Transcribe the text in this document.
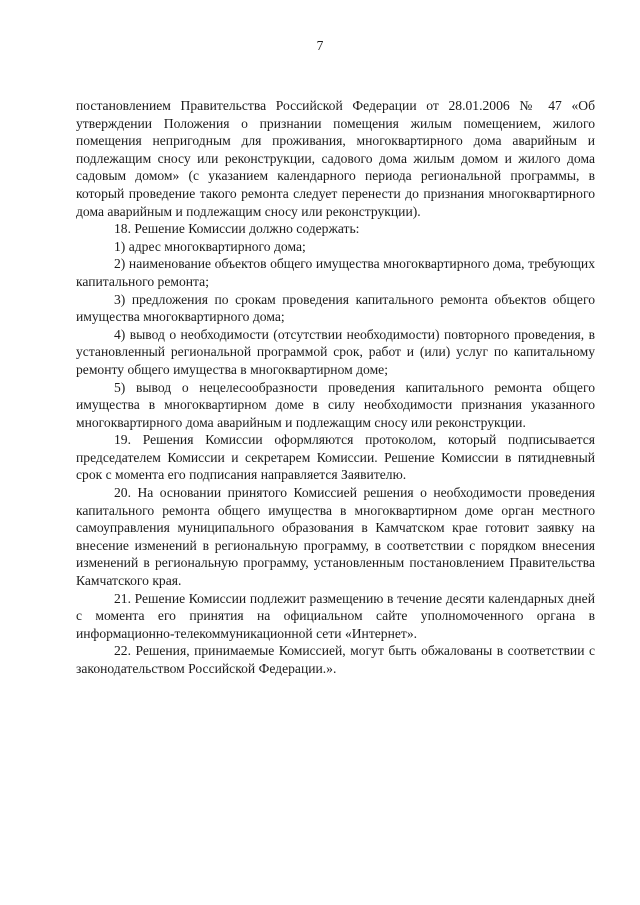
7

постановлением Правительства Российской Федерации от 28.01.2006 № 47 «Об утверждении Положения о признании помещения жилым помещением, жилого помещения непригодным для проживания, многоквартирного дома аварийным и подлежащим сносу или реконструкции, садового дома жилым домом и жилого дома садовым домом» (с указанием календарного периода региональной программы, в который проведение такого ремонта следует перенести до признания многоквартирного дома аварийным и подлежащим сносу или реконструкции).

18. Решение Комиссии должно содержать:

1) адрес многоквартирного дома;

2) наименование объектов общего имущества многоквартирного дома, требующих капитального ремонта;

3) предложения по срокам проведения капитального ремонта объектов общего имущества многоквартирного дома;

4) вывод о необходимости (отсутствии необходимости) повторного проведения, в установленный региональной программой срок, работ и (или) услуг по капитальному ремонту общего имущества в многоквартирном доме;

5) вывод о нецелесообразности проведения капитального ремонта общего имущества в многоквартирном доме в силу необходимости признания указанного многоквартирного дома аварийным и подлежащим сносу или реконструкции.

19. Решения Комиссии оформляются протоколом, который подписывается председателем Комиссии и секретарем Комиссии. Решение Комиссии в пятидневный срок с момента его подписания направляется Заявителю.

20. На основании принятого Комиссией решения о необходимости проведения капитального ремонта общего имущества в многоквартирном доме орган местного самоуправления муниципального образования в Камчатском крае готовит заявку на внесение изменений в региональную программу, в соответствии с порядком внесения изменений в региональную программу, установленным постановлением Правительства Камчатского края.

21. Решение Комиссии подлежит размещению в течение десяти календарных дней с момента его принятия на официальном сайте уполномоченного органа в информационно-телекоммуникационной сети «Интернет».

22. Решения, принимаемые Комиссией, могут быть обжалованы в соответствии с законодательством Российской Федерации.».
